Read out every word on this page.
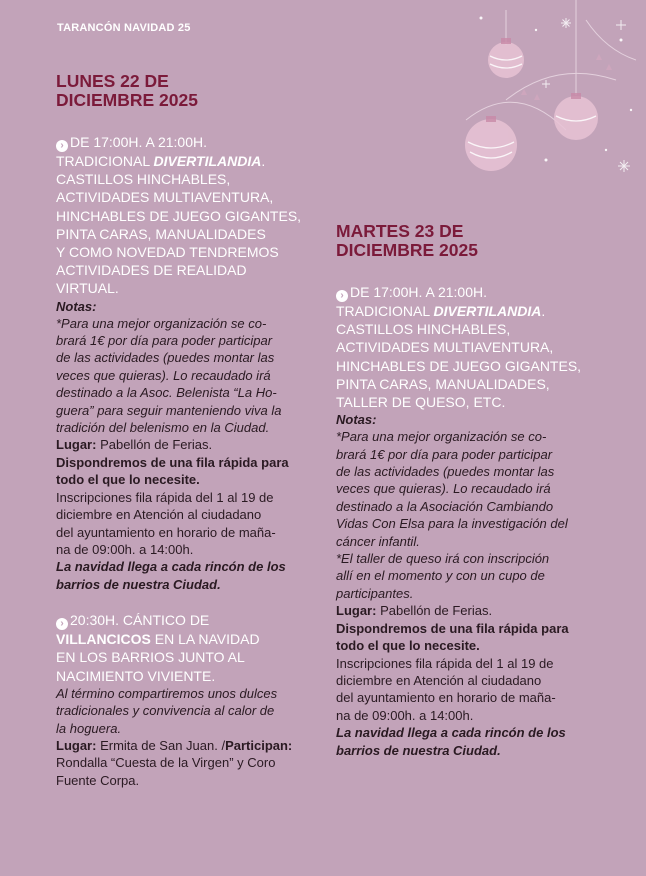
TARANCÓN NAVIDAD 25
LUNES 22 DE
DICIEMBRE 2025

› DE 17:00H. A 21:00H.

TRADICIONAL DIVERTILANDIA.

CASTILLOS HINCHABLES,

ACTIVIDADES MULTIAVENTURA,

HINCHABLES DE JUEGO GIGANTES,

PINTA CARAS, MANUALIDADES

Y COMO NOVEDAD TENDREMOS

ACTIVIDADES DE REALIDAD

VIRTUAL.

Notas:

*Para una mejor organización se co-

brará 1€ por día para poder participar

de las actividades (puedes montar las

veces que quieras). Lo recaudado irá

destinado a la Asoc. Belenista “La Ho-

guera” para seguir manteniendo viva la

tradición del belenismo en la Ciudad.

Lugar: Pabellón de Ferias.

Dispondremos de una fila rápida para

todo el que lo necesite.

Inscripciones fila rápida del 1 al 19 de

diciembre en Atención al ciudadano

del ayuntamiento en horario de maña-

na de 09:00h. a 14:00h.

La navidad llega a cada rincón de los

barrios de nuestra Ciudad.

› 20:30H. CÁNTICO DE

VILLANCICOS EN LA NAVIDAD

EN LOS BARRIOS JUNTO AL

NACIMIENTO VIVIENTE.

Al término compartiremos unos dulces

tradicionales y convivencia al calor de

la hoguera.

Lugar: Ermita de San Juan. /Participan:

Rondalla “Cuesta de la Virgen” y Coro

Fuente Corpa.

MARTES 23 DE
DICIEMBRE 2025

› DE 17:00H. A 21:00H.

TRADICIONAL DIVERTILANDIA.

CASTILLOS HINCHABLES,

ACTIVIDADES MULTIAVENTURA,

HINCHABLES DE JUEGO GIGANTES,

PINTA CARAS, MANUALIDADES,

TALLER DE QUESO, ETC.

Notas:

*Para una mejor organización se co-

brará 1€ por día para poder participar

de las actividades (puedes montar las

veces que quieras). Lo recaudado irá

destinado a la Asociación Cambiando

Vidas Con Elsa para la investigación del

cáncer infantil.

*El taller de queso irá con inscripción

allí en el momento y con un cupo de

participantes.

Lugar: Pabellón de Ferias.

Dispondremos de una fila rápida para

todo el que lo necesite.

Inscripciones fila rápida del 1 al 19 de

diciembre en Atención al ciudadano

del ayuntamiento en horario de maña-

na de 09:00h. a 14:00h.

La navidad llega a cada rincón de los

barrios de nuestra Ciudad.
